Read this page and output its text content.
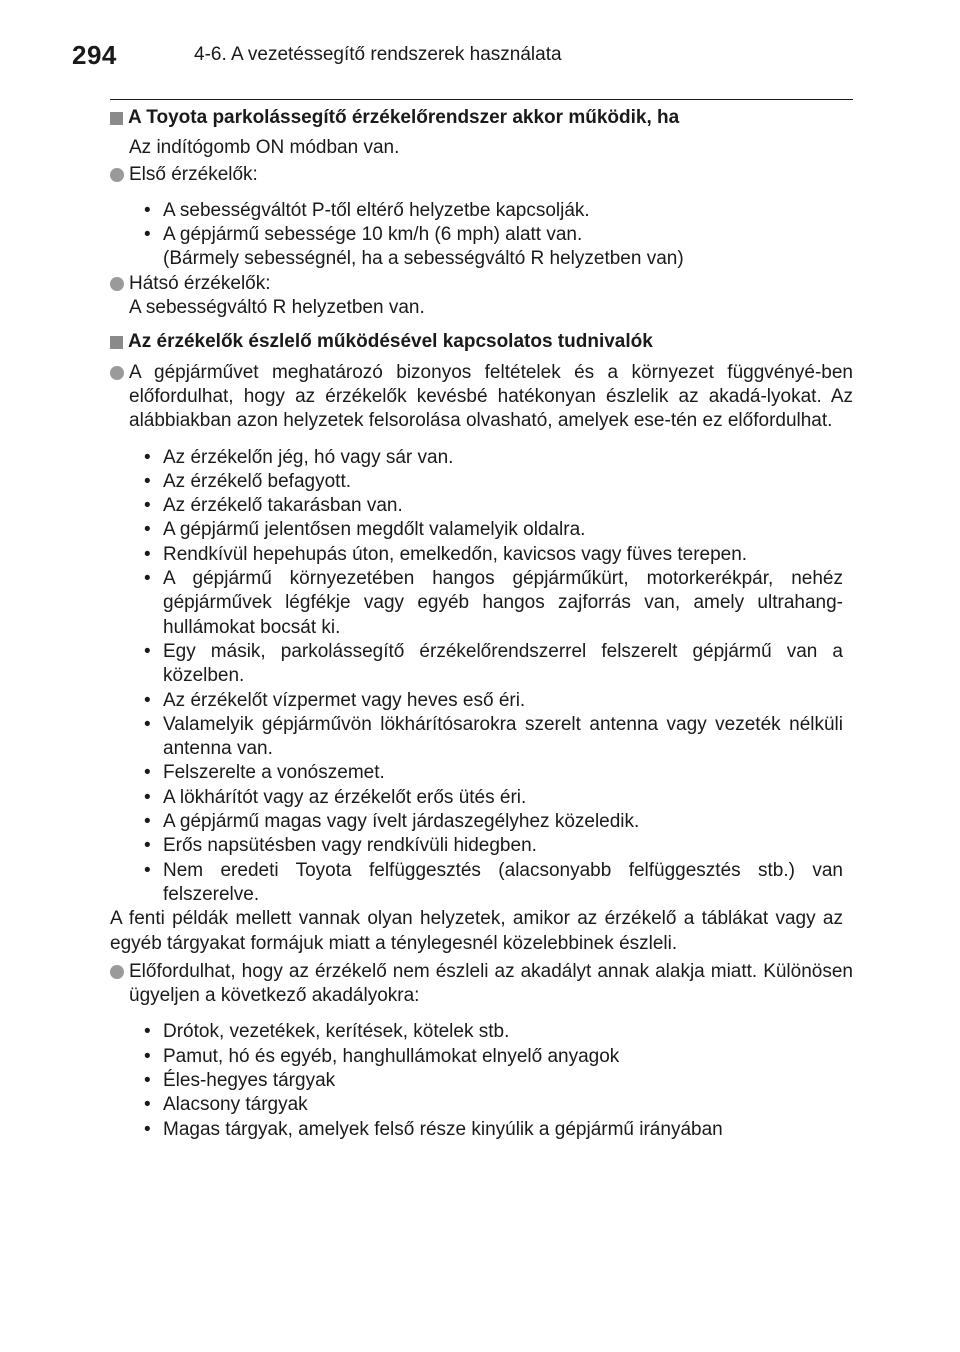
294	4-6. A vezetéssegítő rendszerek használata
A Toyota parkolássegítő érzékelőrendszer akkor működik, ha
Az indítógomb ON módban van.
Első érzékelők:
• A sebességváltót P-től eltérő helyzetbe kapcsolják.
• A gépjármű sebessége 10 km/h (6 mph) alatt van.
(Bármely sebességnél, ha a sebességváltó R helyzetben van)
Hátsó érzékelők:
A sebességváltó R helyzetben van.
Az érzékelők észlelő működésével kapcsolatos tudnivalók
A gépjárművet meghatározó bizonyos feltételek és a környezet függvényé-ben előfordulhat, hogy az érzékelők kevésbé hatékonyan észlelik az akadá-lyokat. Az alábbiakban azon helyzetek felsorolása olvasható, amelyek ese-tén ez előfordulhat.
• Az érzékelőn jég, hó vagy sár van.
• Az érzékelő befagyott.
• Az érzékelő takarásban van.
• A gépjármű jelentősen megdőlt valamelyik oldalra.
• Rendkívül hepehupás úton, emelkedőn, kavicsos vagy füves terepen.
• A gépjármű környezetében hangos gépjárműkürt, motorkerékpár, nehéz gépjárművek légfékje vagy egyéb hangos zajforrás van, amely ultrahang-hullámokat bocsát ki.
• Egy másik, parkolássegítő érzékelőrendszerrel felszerelt gépjármű van a közelben.
• Az érzékelőt vízpermet vagy heves eső éri.
• Valamelyik gépjárművön lökhárítósarokra szerelt antenna vagy vezeték nélküli antenna van.
• Felszerelte a vonószemet.
• A lökhárítót vagy az érzékelőt erős ütés éri.
• A gépjármű magas vagy ívelt járdaszegélyhez közeledik.
• Erős napsütésben vagy rendkívüli hidegben.
• Nem eredeti Toyota felfüggesztés (alacsonyabb felfüggesztés stb.) van felszerelve.
A fenti példák mellett vannak olyan helyzetek, amikor az érzékelő a táblákat vagy az egyéb tárgyakat formájuk miatt a ténylegesnél közelebbinek észleli.
Előfordulhat, hogy az érzékelő nem észleli az akadályt annak alakja miatt. Különösen ügyeljen a következő akadályokra:
• Drótok, vezetékek, kerítések, kötelek stb.
• Pamut, hó és egyéb, hanghullámokat elnyelő anyagok
• Éles-hegyes tárgyak
• Alacsony tárgyak
• Magas tárgyak, amelyek felső része kinyúlik a gépjármű irányában
